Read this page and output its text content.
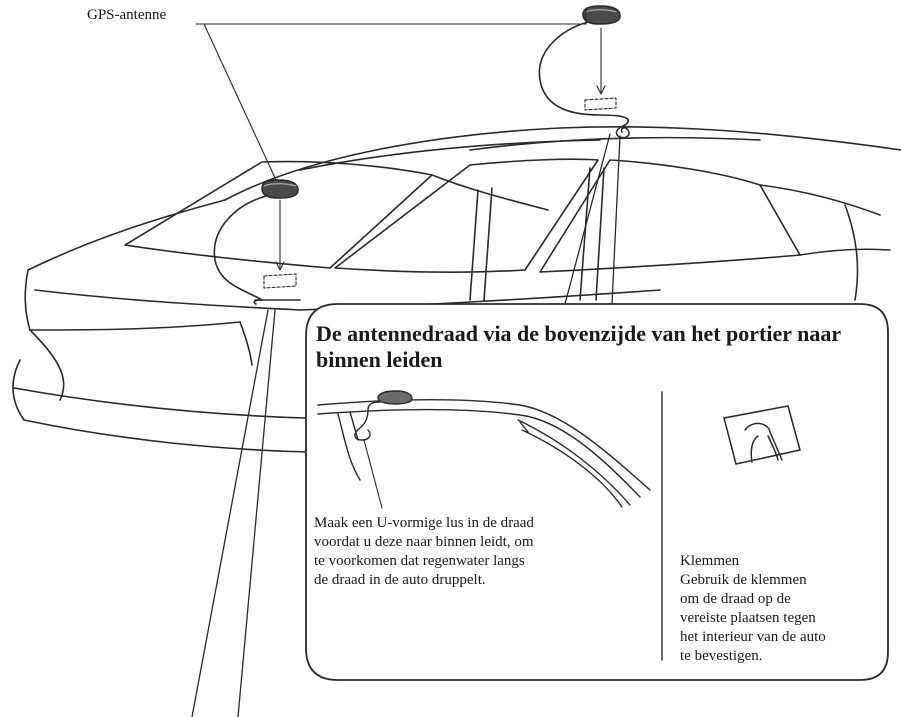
GPS-antenne

De antennedraad via de bovenzijde van het portier naar binnen leiden

Maak een U-vormige lus in de draad
voordat u deze naar binnen leidt, om
te voorkomen dat regenwater langs
de draad in de auto druppelt.
Klemmen
Gebruik de klemmen
om de draad op de
vereiste plaatsen tegen
het interieur van de auto
te bevestigen.
